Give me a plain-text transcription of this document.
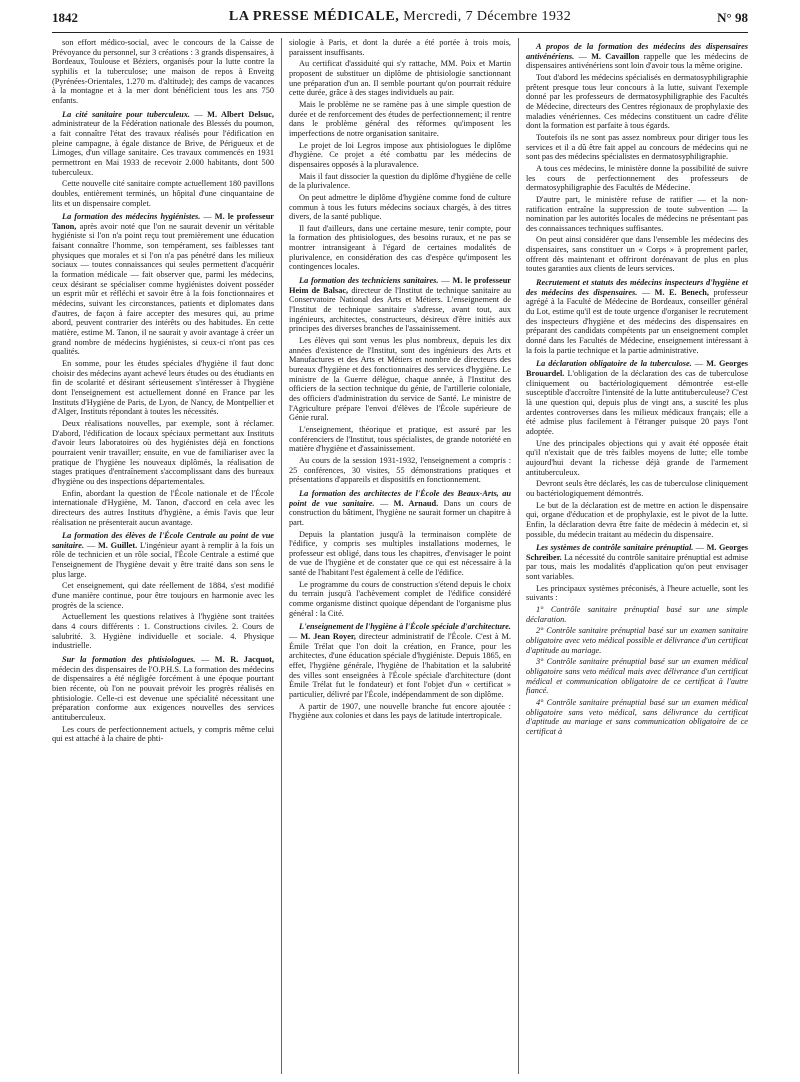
1842	LA PRESSE MÉDICALE, Mercredi, 7 Décembre 1932	N° 98

son effort médico-social, avec le concours de la Caisse de Prévoyance du personnel, sur 3 créations : 3 grands dispensaires, à Bordeaux, Toulouse et Béziers, organisés pour la lutte contre la syphilis et la tuberculose; une maison de repos à Enveitg (Pyrénées-Orientales, 1.270 m. d'altitude); des camps de vacances à la montagne et à la mer dont bénéficient tous les ans 750 enfants.

La cité sanitaire pour tuberculeux. — M. Albert Delsuc, administrateur de la Fédération nationale des Blessés du poumon, a fait connaître l'état des travaux réalisés pour l'édification en pleine campagne, à égale distance de Brive, de Périgueux et de Limoges, d'un village sanitaire. Ces travaux commencés en 1931 permettront en Mai 1933 de recevoir 2.000 habitants, dont 500 tuberculeux.

Cette nouvelle cité sanitaire compte actuellement 180 pavillons doubles, entièrement terminés, un hôpital d'une cinquantaine de lits et un dispensaire complet.

La formation des médecins hygiénistes. — M. le professeur Tanon, après avoir noté que l'on ne saurait devenir un véritable hygiéniste si l'on n'a point reçu tout premièrement une éducation faisant connaître l'homme, son tempérament, ses faiblesses tant physiques que morales et si l'on n'a pas pénétré dans les milieux sociaux — toutes connaissances qui seules permettent d'acquérir la formation médicale — fait observer que, parmi les médecins, ceux désirant se spécialiser comme hygiénistes doivent posséder un esprit mûr et réfléchi et savoir être à la fois fonctionnaires et médecins, suivant les circonstances, patients et diplomates dans d'autres, de façon à faire accepter des mesures qui, au prime abord, peuvent contrarier des intérêts ou des habitudes. En cette matière, estime M. Tanon, il ne saurait y avoir avantage à créer un grand nombre de médecins hygiénistes, si ceux-ci n'ont pas ces qualités.

En somme, pour les études spéciales d'hygiène il faut donc choisir des médecins ayant achevé leurs études ou des étudiants en fin de scolarité et désirant sérieusement s'intéresser à l'hygiène dont l'enseignement est actuellement donné en France par les Instituts d'Hygiène de Paris, de Lyon, de Nancy, de Montpellier et d'Alger, Instituts répondant à toutes les nécessités.

Deux réalisations nouvelles, par exemple, sont à réclamer. D'abord, l'édification de locaux spéciaux permettant aux Instituts d'avoir leurs laboratoires où des hygiénistes déjà en fonctions pourraient venir travailler; ensuite, en vue de familiariser avec la pratique de l'hygiène les nouveaux diplômés, la réalisation de stages pratiques d'entraînement s'accomplissant dans des bureaux d'hygiène ou des inspections départementales.

Enfin, abordant la question de l'École nationale et de l'École internationale d'Hygiène, M. Tanon, d'accord en cela avec les directeurs des autres Instituts d'hygiène, a émis l'avis que leur réalisation ne présenterait aucun avantage.

La formation des élèves de l'École Centrale au point de vue sanitaire. — M. Guillet. L'ingénieur ayant à remplir à la fois un rôle de technicien et un rôle social, l'École Centrale a estimé que l'enseignement de l'hygiène devait y être traité dans son sens le plus large.

Cet enseignement, qui date réellement de 1884, s'est modifié d'une manière continue, pour être toujours en harmonie avec les progrès de la science.

Actuellement les questions relatives à l'hygiène sont traitées dans 4 cours différents : 1. Constructions civiles. 2. Cours de salubrité. 3. Hygiène individuelle et sociale. 4. Physique industrielle.

Sur la formation des phtisiologues. — M. R. Jacquot, médecin des dispensaires de l'O.P.H.S. La formation des médecins de dispensaires a été négligée forcément à une époque pourtant bien récente, où l'on ne pouvait prévoir les progrès réalisés en phtisiologie. Celle-ci est devenue une spécialité nécessitant une préparation conforme aux exigences nouvelles des services antituberculeux.

Les cours de perfectionnement actuels, y compris même celui qui est attaché à la chaire de phti-

siologie à Paris, et dont la durée a été portée à trois mois, paraissent insuffisants.

Au certificat d'assiduité qui s'y rattache, MM. Poix et Martin proposent de substituer un diplôme de phtisiologie sanctionnant une préparation d'un an. Il semble pourtant qu'on pourrait réduire cette durée, grâce à des stages individuels au pair.

Mais le problème ne se ramène pas à une simple question de durée et de renforcement des études de perfectionnement; il rentre dans le problème général des réformes qu'imposent les imperfections de notre organisation sanitaire.

Le projet de loi Legros impose aux phtisiologues le diplôme d'hygiène. Ce projet a été combattu par les médecins de dispensaires opposés à la pluravalence.

Mais il faut dissocier la question du diplôme d'hygiène de celle de la plurivalence.

On peut admettre le diplôme d'hygiène comme fond de culture commun à tous les futurs médecins sociaux chargés, à des titres divers, de la santé publique.

Il faut d'ailleurs, dans une certaine mesure, tenir compte, pour la formation des phtisiologues, des besoins ruraux, et ne pas se montrer intransigeant à l'égard de certaines modalités de plurivalence, en considération des cas d'espèce qu'imposent les contingences locales.

La formation des techniciens sanitaires. — M. le professeur Heim de Balsac, directeur de l'Institut de technique sanitaire au Conservatoire National des Arts et Métiers. L'enseignement de l'Institut de technique sanitaire s'adresse, avant tout, aux ingénieurs, architectes, constructeurs, désireux d'être initiés aux principes des diverses branches de l'assainissement.

Les élèves qui sont venus les plus nombreux, depuis les dix années d'existence de l'Institut, sont des ingénieurs des Arts et Manufactures et des Arts et Métiers et nombre de directeurs des bureaux d'hygiène et des fonctionnaires des services d'hygiène. Le ministre de la Guerre délègue, chaque année, à l'Institut des officiers de la section technique du génie, de l'artillerie coloniale, des officiers d'administration du service de Santé. Le ministre de l'Agriculture prépare l'envoi d'élèves de l'École supérieure de Génie rural.

L'enseignement, théorique et pratique, est assuré par les conférenciers de l'Institut, tous spécialistes, de grande notoriété en matière d'hygiène et d'assainissement.

Au cours de la session 1931-1932, l'enseignement a compris : 25 conférences, 30 visites, 55 démonstrations pratiques et présentations d'appareils et dispositifs en fonctionnement.

La formation des architectes de l'École des Beaux-Arts, au point de vue sanitaire. — M. Arnaud. Dans un cours de construction du bâtiment, l'hygiène ne saurait former un chapitre à part.

Depuis la plantation jusqu'à la terminaison complète de l'édifice, y compris ses multiples installations modernes, le professeur est obligé, dans tous les chapitres, d'envisager le point de vue de l'hygiène et de constater que ce qui est nécessaire à la santé de l'habitant l'est également à celle de l'édifice.

Le programme du cours de construction s'étend depuis le choix du terrain jusqu'à l'achèvement complet de l'édifice considéré comme organisme distinct quoique dépendant de l'organisme plus général : la Cité.

L'enseignement de l'hygiène à l'École spéciale d'architecture. — M. Jean Royer, directeur administratif de l'École. C'est à M. Émile Trélat que l'on doit la création, en France, pour les architectes, d'une éducation spéciale d'hygiéniste. Depuis 1865, en effet, l'hygiène générale, l'hygiène de l'habitation et la salubrité des villes sont enseignées à l'École spéciale d'architecture (dont Émile Trélat fut le fondateur) et font l'objet d'un « certificat » particulier, délivré par l'École, indépendamment de son diplôme.

A partir de 1907, une nouvelle branche fut encore ajoutée : l'hygiène aux colonies et dans les pays de latitude intertropicale.

A propos de la formation des médecins des dispensaires antivénériens. — M. Cavaillon rappelle que les médecins de dispensaires antivénériens sont loin d'avoir tous la même origine.

Tout d'abord les médecins spécialisés en dermatosyphiligraphie prêtent presque tous leur concours à la lutte, suivant l'exemple donné par les professeurs de dermatosyphiligraphie des Facultés de Médecine, directeurs des Centres régionaux de prophylaxie des maladies vénériennes. Ces médecins constituent un cadre d'élite dont la formation est parfaite à tous égards.

Toutefois ils ne sont pas assez nombreux pour diriger tous les services et il a dû être fait appel au concours de médecins qui ne sont pas des médecins spécialistes en dermatosyphiligraphie.

A tous ces médecins, le ministère donne la possibilité de suivre les cours de perfectionnement des professeurs de dermatosyphiligraphie des Facultés de Médecine.

D'autre part, le ministère refuse de ratifier — et la non-ratification entraîne la suppression de toute subvention — la nomination par les autorités locales de médecins ne présentant pas des connaissances techniques suffisantes.

On peut ainsi considérer que dans l'ensemble les médecins des dispensaires, sans constituer un « Corps » à proprement parler, offrent dès maintenant et offriront dorénavant de plus en plus toutes garanties aux clients de leurs services.

Recrutement et statuts des médecins inspecteurs d'hygiène et des médecins des dispensaires. — M. E. Benech, professeur agrégé à la Faculté de Médecine de Bordeaux, conseiller général du Lot, estime qu'il est de toute urgence d'organiser le recrutement des inspecteurs d'hygiène et des médecins des dispensaires en préparant des candidats compétents par un enseignement complet donné dans les Facultés de Médecine, enseignement intéressant à la fois la partie technique et la partie administrative.

La déclaration obligatoire de la tuberculose. — M. Georges Brouardel. L'obligation de la déclaration des cas de tuberculose cliniquement ou bactériologiquement démontrée est-elle susceptible d'accroître l'intensité de la lutte antituberculeuse? C'est là une question qui, depuis plus de vingt ans, a suscité les plus ardentes controverses dans les milieux médicaux français; elle a été admise plus facilement à l'étranger puisque 20 pays l'ont adoptée.

Une des principales objections qui y avait été opposée était qu'il n'existait que de très faibles moyens de lutte; elle tombe aujourd'hui devant la richesse déjà grande de l'armement antituberculeux.

Devront seuls être déclarés, les cas de tuberculose cliniquement ou bactériologiquement démontrés.

Le but de la déclaration est de mettre en action le dispensaire qui, organe d'éducation et de prophylaxie, est le pivot de la lutte. Enfin, la déclaration devra être faite de médecin à médecin et, si possible, du médecin traitant au médecin du dispensaire.

Les systèmes de contrôle sanitaire prénuptial. — M. Georges Schreiber. La nécessité du contrôle sanitaire prénuptial est admise par tous, mais les modalités d'application qu'on peut envisager sont variables.

Les principaux systèmes préconisés, à l'heure actuelle, sont les suivants :

1° Contrôle sanitaire prénuptial basé sur une simple déclaration.

2° Contrôle sanitaire prénuptial basé sur un examen sanitaire obligatoire avec veto médical possible et délivrance d'un certificat d'aptitude au mariage.

3° Contrôle sanitaire prénuptial basé sur un examen médical obligatoire sans veto médical mais avec délivrance d'un certificat médical et communication obligatoire de ce certificat à l'autre fiancé.

4° Contrôle sanitaire prénuptial basé sur un examen médical obligatoire sans veto médical, sans délivrance du certificat d'aptitude au mariage et sans communication obligatoire de ce certificat à
